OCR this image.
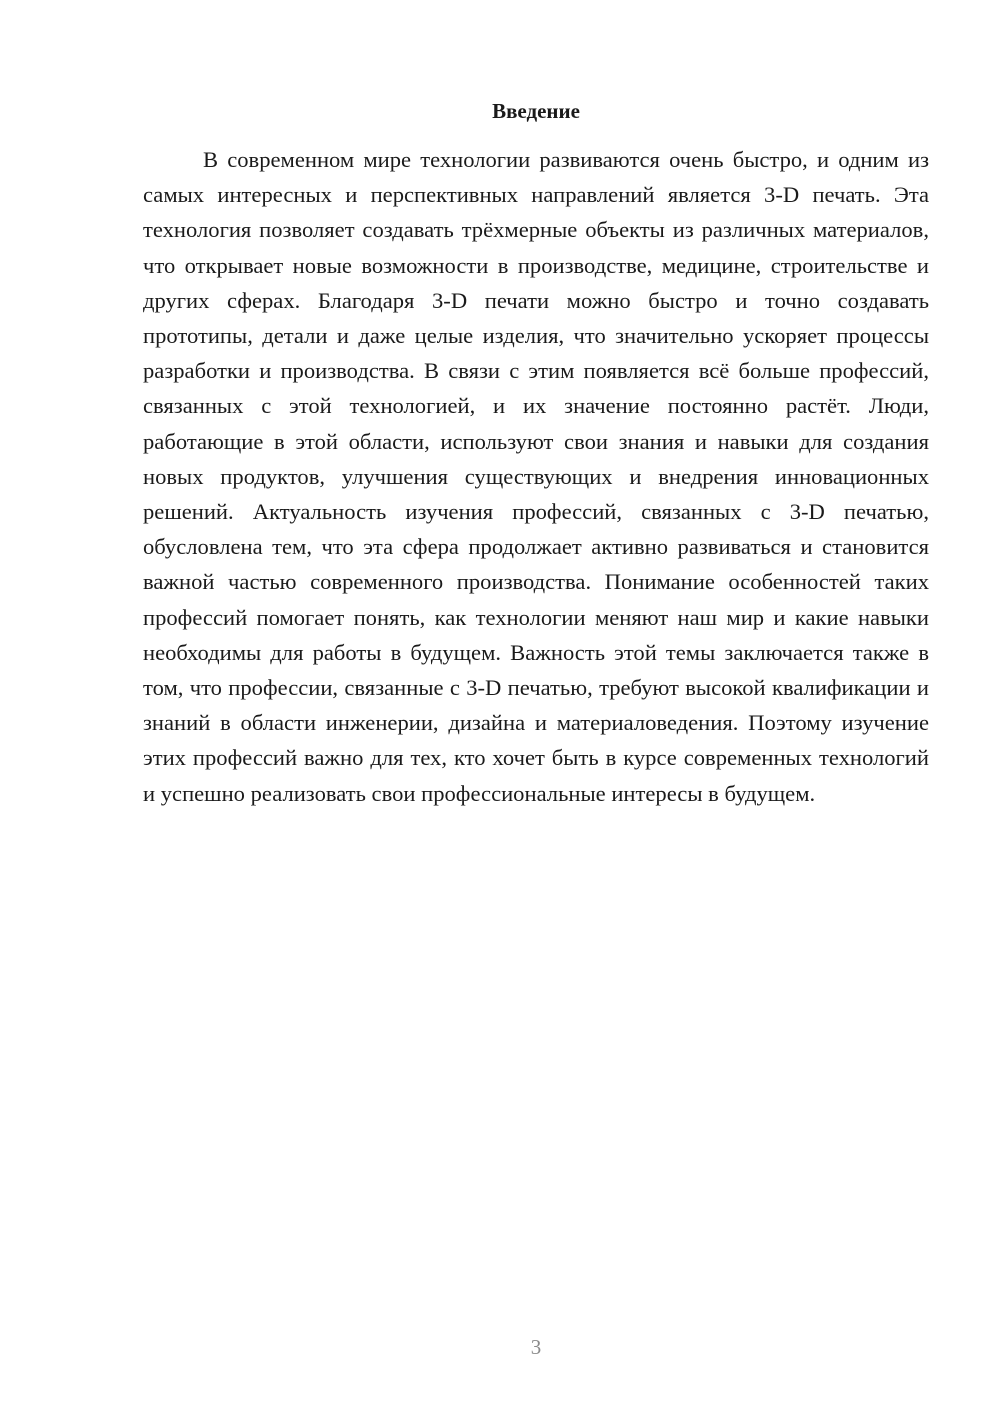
Введение

В современном мире технологии развиваются очень быстро, и одним из самых интересных и перспективных направлений является 3-D печать. Эта технология позволяет создавать трёхмерные объекты из различных материалов, что открывает новые возможности в производстве, медицине, строительстве и других сферах. Благодаря 3-D печати можно быстро и точно создавать прототипы, детали и даже целые изделия, что значительно ускоряет процессы разработки и производства. В связи с этим появляется всё больше профессий, связанных с этой технологией, и их значение постоянно растёт. Люди, работающие в этой области, используют свои знания и навыки для создания новых продуктов, улучшения существующих и внедрения инновационных решений. Актуальность изучения профессий, связанных с 3-D печатью, обусловлена тем, что эта сфера продолжает активно развиваться и становится важной частью современного производства. Понимание особенностей таких профессий помогает понять, как технологии меняют наш мир и какие навыки необходимы для работы в будущем. Важность этой темы заключается также в том, что профессии, связанные с 3-D печатью, требуют высокой квалификации и знаний в области инженерии, дизайна и материаловедения. Поэтому изучение этих профессий важно для тех, кто хочет быть в курсе современных технологий и успешно реализовать свои профессиональные интересы в будущем.

3
